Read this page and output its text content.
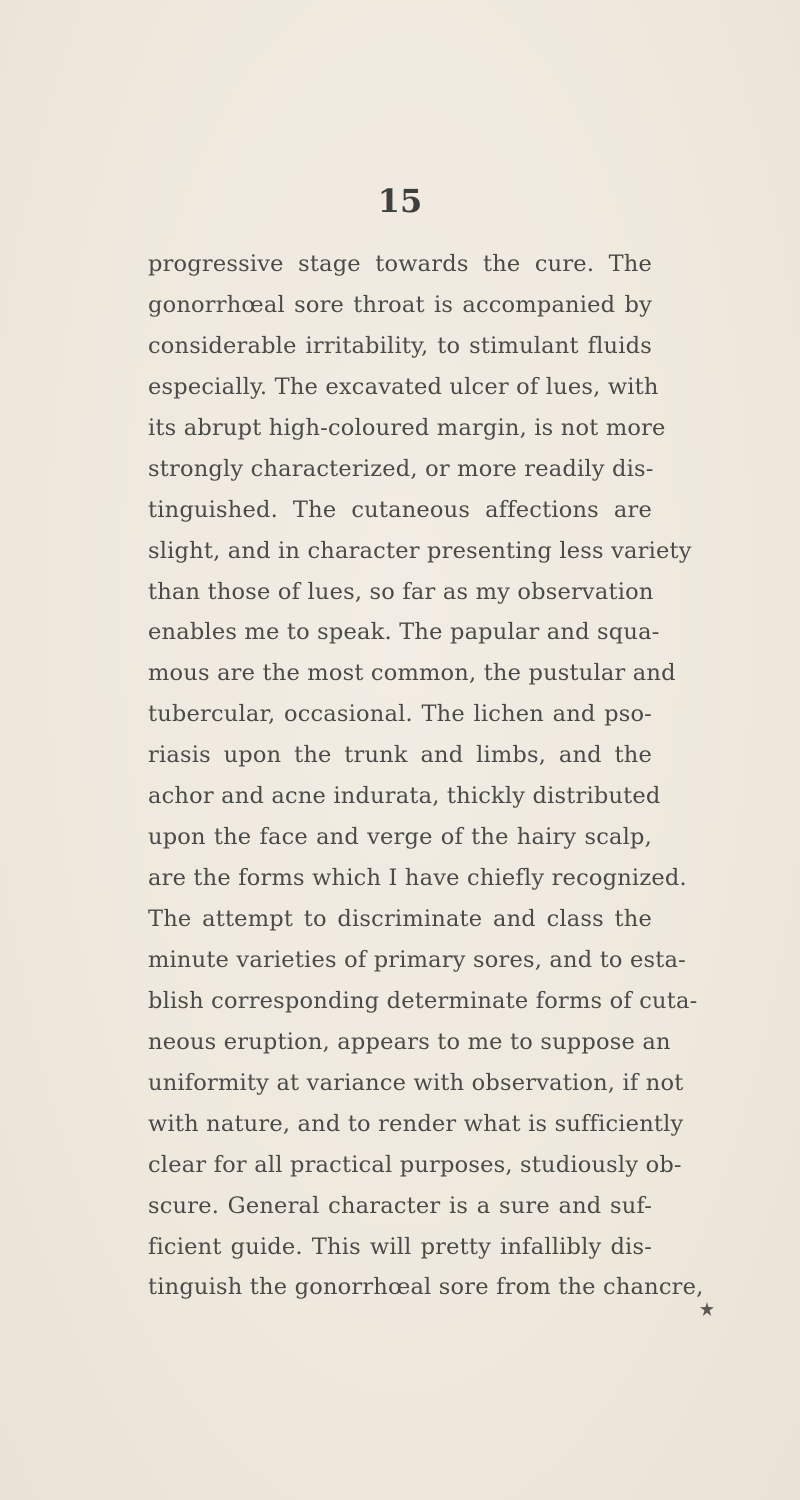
15
progressive stage towards the cure. The
gonorrhœal sore throat is accompanied by
considerable irritability, to stimulant fluids
especially. The excavated ulcer of lues, with
its abrupt high-coloured margin, is not more
strongly characterized, or more readily dis-
tinguished. The cutaneous affections are
slight, and in character presenting less variety
than those of lues, so far as my observation
enables me to speak. The papular and squa-
mous are the most common, the pustular and
tubercular, occasional. The lichen and pso-
riasis upon the trunk and limbs, and the
achor and acne indurata, thickly distributed
upon the face and verge of the hairy scalp,
are the forms which I have chiefly recognized.
The attempt to discriminate and class the
minute varieties of primary sores, and to esta-
blish corresponding determinate forms of cuta-
neous eruption, appears to me to suppose an
uniformity at variance with observation, if not
with nature, and to render what is sufficiently
clear for all practical purposes, studiously ob-
scure. General character is a sure and suf-
ficient guide. This will pretty infallibly dis-
tinguish the gonorrhœal sore from the chancre,
